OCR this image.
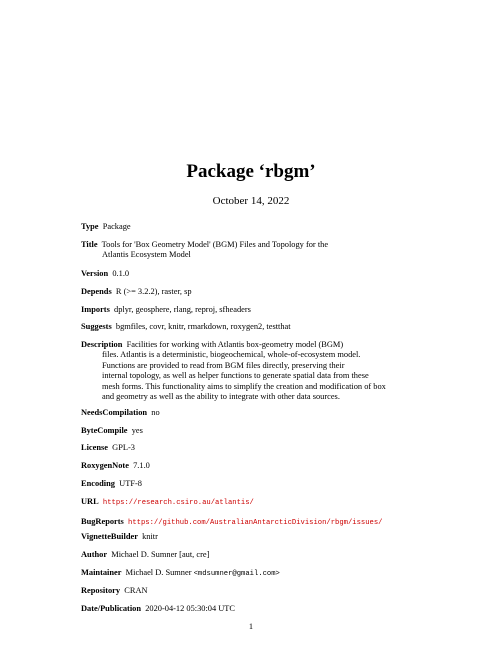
Package ‘rbgm’
October 14, 2022
Type Package
Title Tools for 'Box Geometry Model' (BGM) Files and Topology for the
Atlantis Ecosystem Model
Version 0.1.0
Depends R (>= 3.2.2), raster, sp
Imports dplyr, geosphere, rlang, reproj, sfheaders
Suggests bgmfiles, covr, knitr, rmarkdown, roxygen2, testthat
Description Facilities for working with Atlantis box-geometry model (BGM)
files. Atlantis is a deterministic, biogeochemical, whole-of-ecosystem model.
Functions are provided to read from BGM files directly, preserving their
internal topology, as well as helper functions to generate spatial data from these
mesh forms. This functionality aims to simplify the creation and modification of box
and geometry as well as the ability to integrate with other data sources.
NeedsCompilation no
ByteCompile yes
License GPL-3
RoxygenNote 7.1.0
Encoding UTF-8
URL https://research.csiro.au/atlantis/
BugReports https://github.com/AustralianAntarcticDivision/rbgm/issues/
VignetteBuilder knitr
Author Michael D. Sumner [aut, cre]
Maintainer Michael D. Sumner <mdsumner@gmail.com>
Repository CRAN
Date/Publication 2020-04-12 05:30:04 UTC
1
